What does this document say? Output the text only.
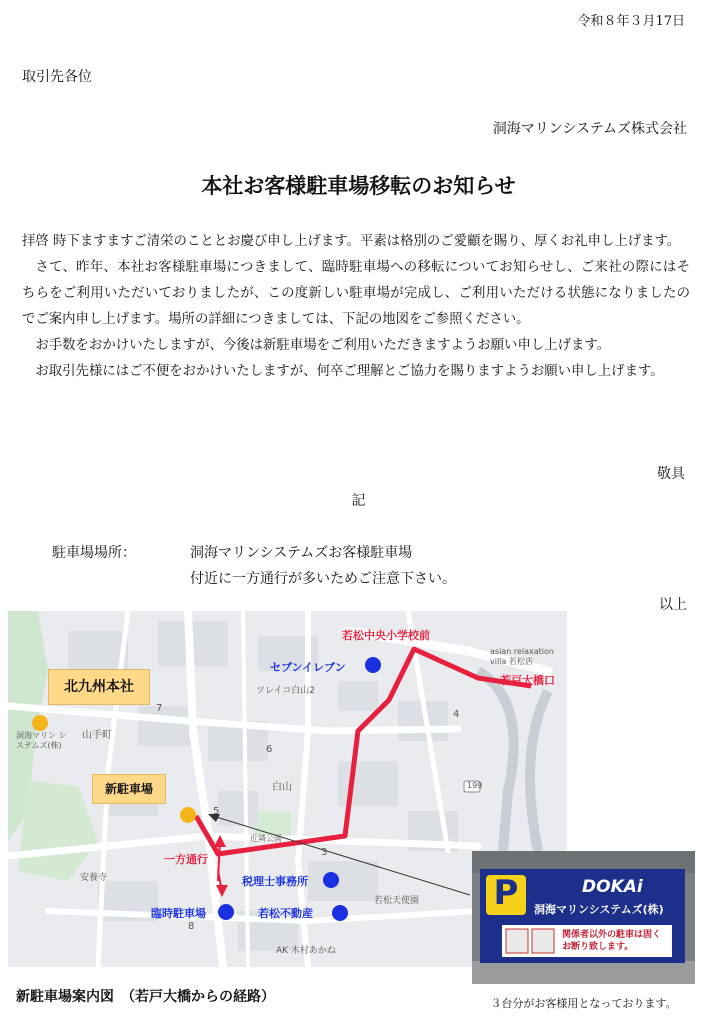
令和８年３月17日
取引先各位
洞海マリンシステムズ株式会社
本社お客様駐車場移転のお知らせ

拝啓 時下ますますご清栄のこととお慶び申し上げます。平素は格別のご愛顧を賜り、厚くお礼申し上げます。

さて、昨年、本社お客様駐車場につきまして、臨時駐車場への移転についてお知らせし、ご来社の際にはそちらをご利用いただいておりましたが、この度新しい駐車場が完成し、ご利用いただける状態になりましたのでご案内申し上げます。場所の詳細につきましては、下記の地図をご参照ください。

お手数をおかけいたしますが、今後は新駐車場をご利用いただきますようお願い申し上げます。

お取引先様にはご不便をおかけいたしますが、何卒ご理解とご協力を賜りますようお願い申し上げます。

敬具
記
駐車場場所：	洞海マリンシステムズお客様駐車場
付近に一方通行が多いためご注意下さい。
以上
北九州本社
新駐車場
若松中央小学校前
若戸大橋口
セブンイレブン
一方通行
税理士事務所
臨時駐車場	若松不動産
山手町
白山
ツレイコ白山2
洞海マリン システムズ(株)
asian relaxation villa 若松店
近隣公園
安養寺
若松天使園
AK 木村あかね
6
5
4
3
7
8
199
新駐車場案内図　（若戸大橋からの経路）
P	DOKAi
洞海マリンシステムズ(株)
関係者以外の駐車は固くお断り致します。
３台分がお客様用となっております。
